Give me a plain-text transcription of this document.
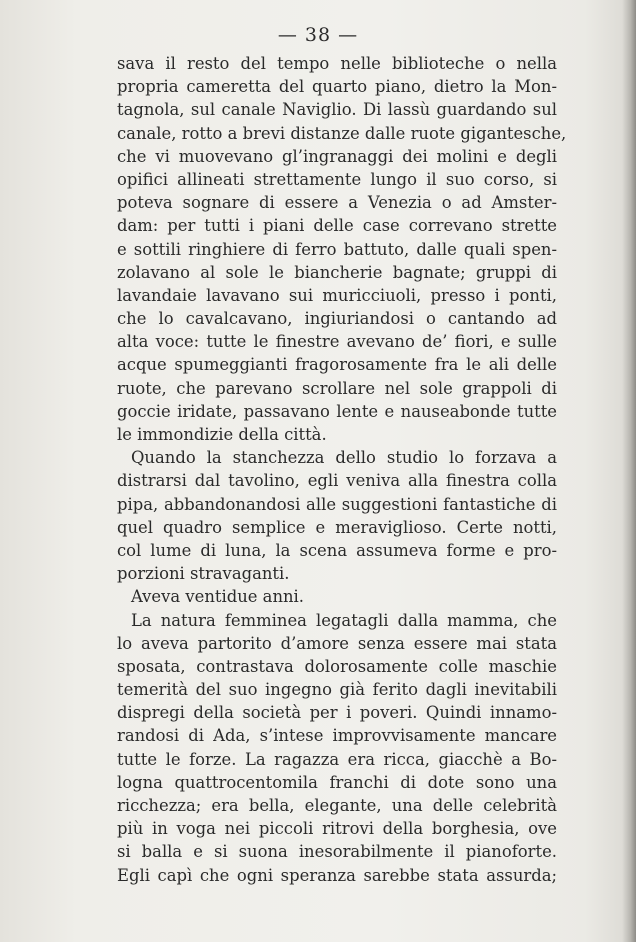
— 38 —
sava il resto del tempo nelle biblioteche o nella
propria cameretta del quarto piano, dietro la Mon-
tagnola, sul canale Naviglio. Di lassù guardando sul
canale, rotto a brevi distanze dalle ruote gigantesche,
che vi muovevano gl’ingranaggi dei molini e degli
opifici allineati strettamente lungo il suo corso, si
poteva sognare di essere a Venezia o ad Amster-
dam: per tutti i piani delle case correvano strette
e sottili ringhiere di ferro battuto, dalle quali spen-
zolavano al sole le biancherie bagnate; gruppi di
lavandaie lavavano sui muricciuoli, presso i ponti,
che lo cavalcavano, ingiuriandosi o cantando ad
alta voce: tutte le finestre avevano de’ fiori, e sulle
acque spumeggianti fragorosamente fra le ali delle
ruote, che parevano scrollare nel sole grappoli di
goccie iridate, passavano lente e nauseabonde tutte
le immondizie della città.
Quando la stanchezza dello studio lo forzava a
distrarsi dal tavolino, egli veniva alla finestra colla
pipa, abbandonandosi alle suggestioni fantastiche di
quel quadro semplice e meraviglioso. Certe notti,
col lume di luna, la scena assumeva forme e pro-
porzioni stravaganti.
Aveva ventidue anni.
La natura femminea legatagli dalla mamma, che
lo aveva partorito d’amore senza essere mai stata
sposata, contrastava dolorosamente colle maschie
temerità del suo ingegno già ferito dagli inevitabili
dispregi della società per i poveri. Quindi innamo-
randosi di Ada, s’intese improvvisamente mancare
tutte le forze. La ragazza era ricca, giacchè a Bo-
logna quattrocentomila franchi di dote sono una
ricchezza; era bella, elegante, una delle celebrità
più in voga nei piccoli ritrovi della borghesia, ove
si balla e si suona inesorabilmente il pianoforte.
Egli capì che ogni speranza sarebbe stata assurda;
